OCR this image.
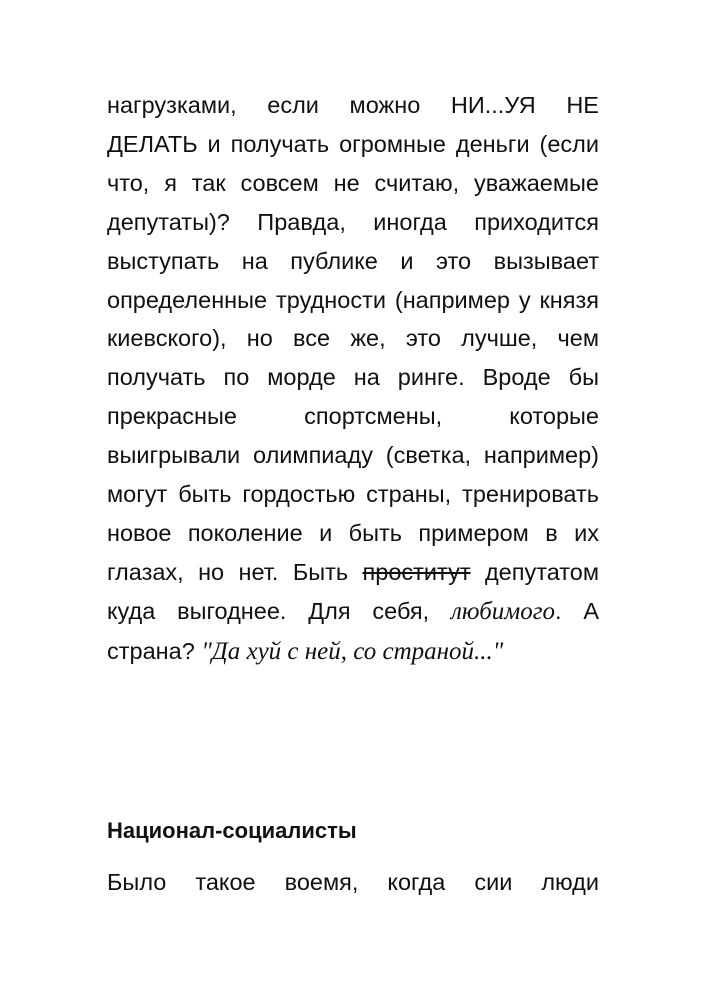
нагрузками, если можно НИ...УЯ НЕ ДЕЛАТЬ и получать огромные деньги (если что, я так совсем не считаю, уважаемые депутаты)? Правда, иногда приходится выступать на публике и это вызывает определенные трудности (например у князя киевского), но все же, это лучше, чем получать по морде на ринге. Вроде бы прекрасные спортсмены, которые выигрывали олимпиаду (светка, например) могут быть гордостью страны, тренировать новое поколение и быть примером в их глазах, но нет. Быть проститут депутатом куда выгоднее. Для себя, любимого. А страна? "Да хуй с ней, со страной..."

Национал-социалисты

Было такое воемя, когда сии люди
